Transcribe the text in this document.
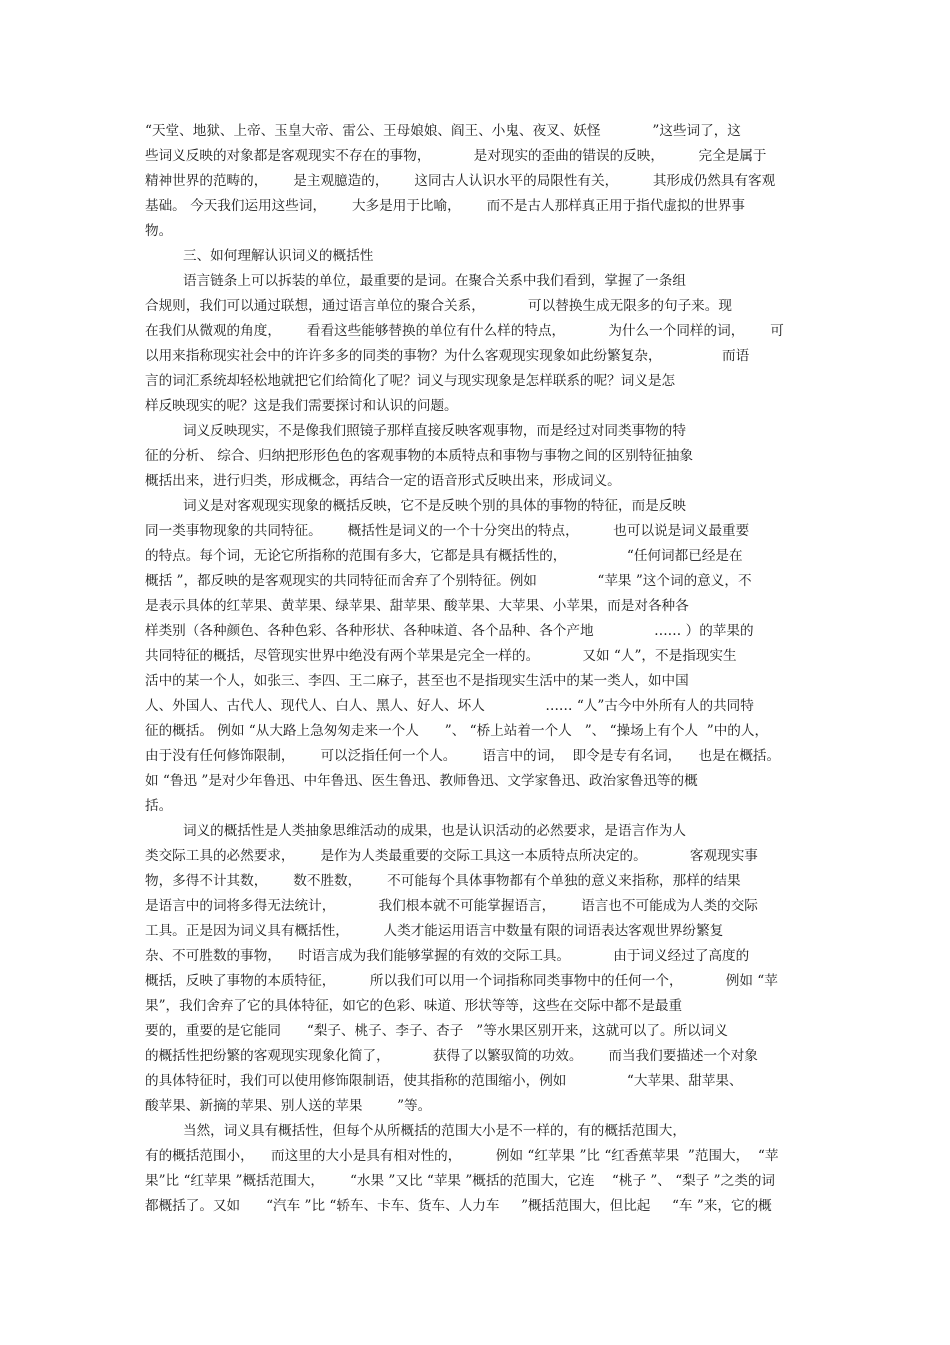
“天堂、地狱、上帝、玉皇大帝、雷公、王母娘娘、阎王、小鬼、夜叉、妖怪            ”这些词了，这
些词义反映的对象都是客观现实不存在的事物，          是对现实的歪曲的错误的反映，        完全是属于
精神世界的范畴的，      是主观臆造的，      这同古人认识水平的局限性有关，        其形成仍然具有客观
基础。 今天我们运用这些词，      大多是用于比喻，      而不是古人那样真正用于指代虚拟的世界事
物。
三、如何理解认识词义的概括性
语言链条上可以拆装的单位，最重要的是词。在聚合关系中我们看到，掌握了一条组
合规则，我们可以通过联想，通过语言单位的聚合关系，          可以替换生成无限多的句子来。现
在我们从微观的角度，      看看这些能够替换的单位有什么样的特点，          为什么一个同样的词，      可
以用来指称现实社会中的许许多多的同类的事物？为什么客观现实现象如此纷繁复杂，              而语
言的词汇系统却轻松地就把它们给简化了呢？词义与现实现象是怎样联系的呢？词义是怎
样反映现实的呢？这是我们需要探讨和认识的问题。
词义反映现实，不是像我们照镜子那样直接反映客观事物，而是经过对同类事物的特
征的分析、 综合、归纳把形形色色的客观事物的本质特点和事物与事物之间的区别特征抽象
概括出来，进行归类，形成概念，再结合一定的语音形式反映出来，形成词义。
词义是对客观现实现象的概括反映，它不是反映个别的具体的事物的特征，而是反映
同一类事物现象的共同特征。      概括性是词义的一个十分突出的特点，        也可以说是词义最重要
的特点。每个词，无论它所指称的范围有多大，它都是具有概括性的，              “任何词都已经是在
概括 ”，都反映的是客观现实的共同特征而舍弃了个别特征。例如              “苹果 ”这个词的意义，不
是表示具体的红苹果、黄苹果、绿苹果、甜苹果、酸苹果、大苹果、小苹果，而是对各种各
样类别（各种颜色、各种色彩、各种形状、各种味道、各个品种、各个产地              …… ）的苹果的
共同特征的概括，尽管现实世界中绝没有两个苹果是完全一样的。          又如 “人”，不是指现实生
活中的某一个人，如张三、李四、王二麻子，甚至也不是指现实生活中的某一类人，如中国
人、外国人、古代人、现代人、白人、黑人、好人、坏人              …… “人”古今中外所有人的共同特
征的概括。 例如 “从大路上急匆匆走来一个人      ”、 “桥上站着一个人   ”、 “操场上有个人  ”中的人，
由于没有任何修饰限制，      可以泛指任何一个人。      语言中的词，  即令是专有名词，    也是在概括。
如 “鲁迅 ”是对少年鲁迅、中年鲁迅、医生鲁迅、教师鲁迅、文学家鲁迅、政治家鲁迅等的概
括。
词义的概括性是人类抽象思维活动的成果，也是认识活动的必然要求，是语言作为人
类交际工具的必然要求，      是作为人类最重要的交际工具这一本质特点所决定的。          客观现实事
物，多得不计其数，      数不胜数，      不可能每个具体事物都有个单独的意义来指称，那样的结果
是语言中的词将多得无法统计，          我们根本就不可能掌握语言，      语言也不可能成为人类的交际
工具。正是因为词义具有概括性，        人类才能运用语言中数量有限的词语表达客观世界纷繁复
杂、不可胜数的事物，    时语言成为我们能够掌握的有效的交际工具。          由于词义经过了高度的
概括，反映了事物的本质特征，        所以我们可以用一个词指称同类事物中的任何一个，          例如 “苹
果”，我们舍弃了它的具体特征，如它的色彩、味道、形状等等，这些在交际中都不是最重
要的，重要的是它能同      “梨子、桃子、李子、杏子   ”等水果区别开来，这就可以了。所以词义
的概括性把纷繁的客观现实现象化简了，          获得了以繁驭简的功效。      而当我们要描述一个对象
的具体特征时，我们可以使用修饰限制语，使其指称的范围缩小，例如              “大苹果、甜苹果、
酸苹果、新摘的苹果、别人送的苹果        ”等。
当然，词义具有概括性，但每个从所概括的范围大小是不一样的，有的概括范围大，
有的概括范围小，    而这里的大小是具有相对性的，        例如 “红苹果 ”比 “红香蕉苹果  ”范围大，  “苹
果”比 “红苹果 ”概括范围大，      “水果 ”又比 “苹果 ”概括的范围大，它连    “桃子 ”、 “梨子 ”之类的词
都概括了。又如      “汽车 ”比 “轿车、卡车、货车、人力车     ”概括范围大，但比起     “车 ”来，它的概
